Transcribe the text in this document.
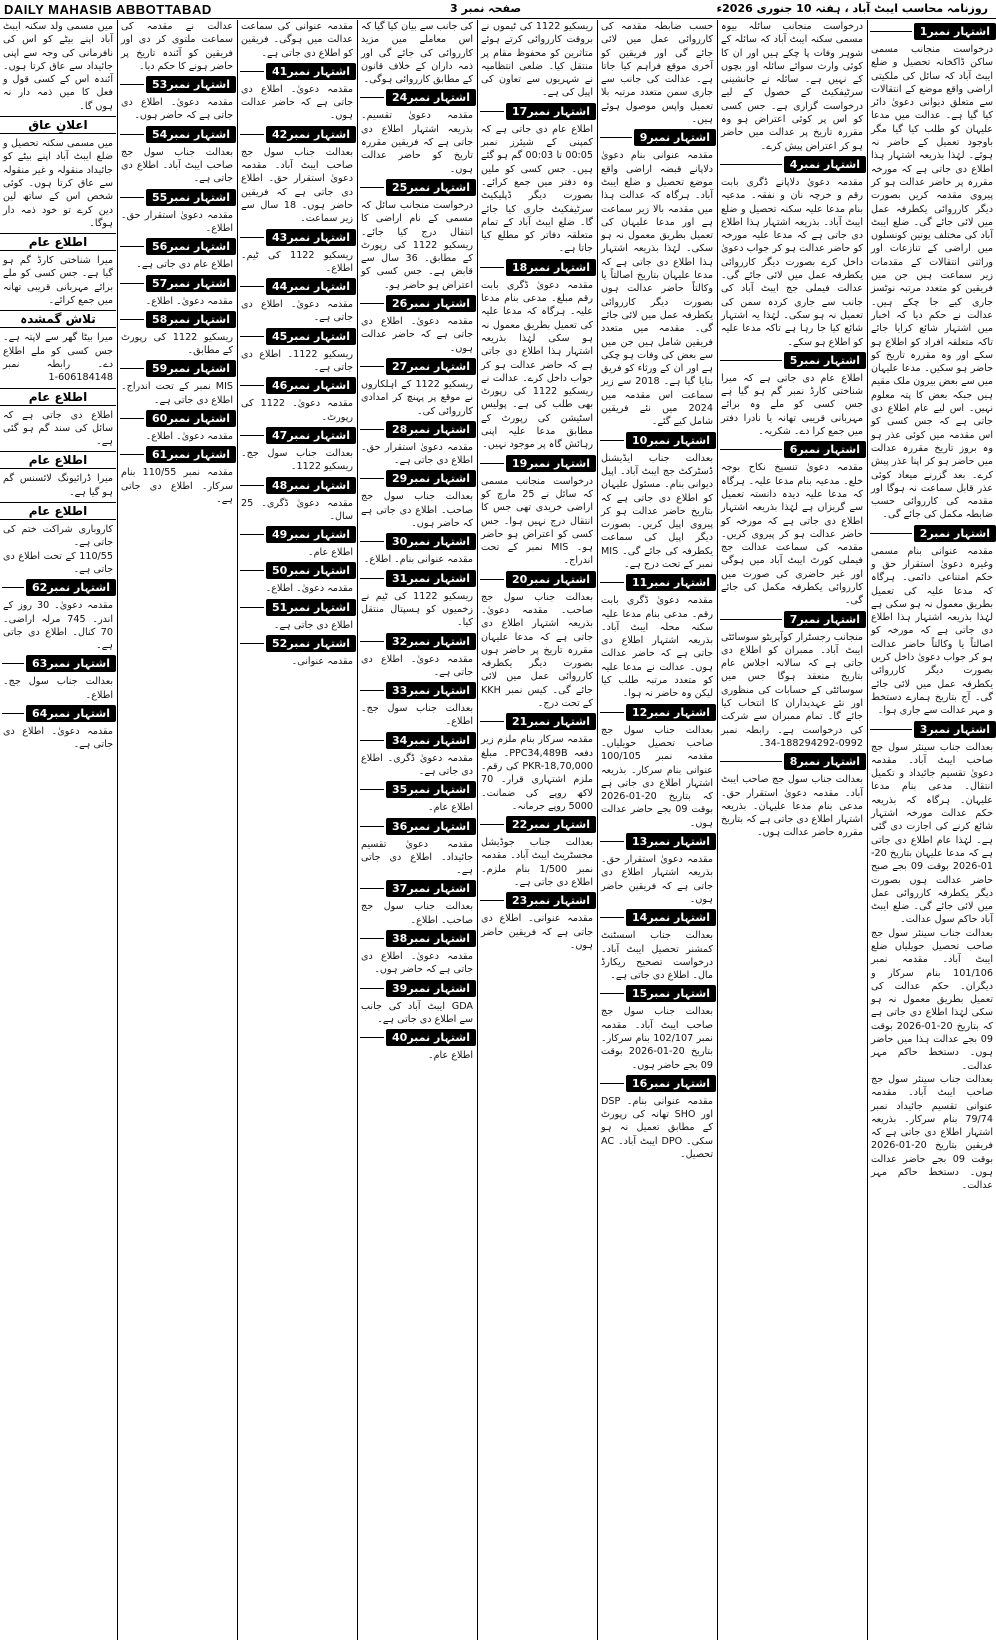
DAILY MAHASIB ABBOTTABAD	صفحہ نمبر 3	روزنامہ محاسب ایبٹ آباد ، ہفتہ 10 جنوری 2026ء
اشتہار نمبر1
درخواست منجانب مسمی ساکن ڈاکخانہ تحصیل و ضلع ایبٹ آباد کہ سائل کی ملکیتی اراضی واقع موضع کے انتقالات سے متعلق دیوانی دعویٰ دائر کیا گیا ہے۔ عدالت میں مدعا علیہان کو طلب کیا گیا مگر باوجود تعمیل کے حاضر نہ ہوئے۔ لہٰذا بذریعہ اشتہار ہذا اطلاع دی جاتی ہے کہ مورخہ مقررہ پر حاضر عدالت ہو کر پیروی مقدمہ کریں بصورت دیگر کارروائی یکطرفہ عمل میں لائی جائے گی۔ ضلع ایبٹ آباد کی مختلف یونین کونسلوں میں اراضی کے تنازعات اور وراثتی انتقالات کے مقدمات زیر سماعت ہیں جن میں فریقین کو متعدد مرتبہ نوٹسز جاری کیے جا چکے ہیں۔ عدالت نے حکم دیا کہ اخبار میں اشتہار شائع کرایا جائے تاکہ متعلقہ افراد کو اطلاع ہو سکے اور وہ مقررہ تاریخ کو حاضر ہو سکیں۔ مدعا علیہان میں سے بعض بیرون ملک مقیم ہیں جبکہ بعض کا پتہ معلوم نہیں۔ اس لیے عام اطلاع دی جاتی ہے کہ جس کسی کو اس مقدمہ میں کوئی عذر ہو وہ بروز تاریخ مقررہ عدالت میں حاضر ہو کر اپنا عذر پیش کرے۔ بعد گزرنے میعاد کوئی عذر قابل سماعت نہ ہوگا اور مقدمہ کی کارروائی حسب ضابطہ مکمل کی جائے گی۔
اشتہار نمبر2
مقدمہ عنوانی بنام مسمی وغیرہ دعویٰ استقرار حق و حکم امتناعی دائمی۔ ہرگاہ کہ مدعا علیہ کی تعمیل بطریق معمول نہ ہو سکی ہے لہٰذا بذریعہ اشتہار ہذا اطلاع دی جاتی ہے کہ مورخہ کو اصالتاً یا وکالتاً حاضر عدالت ہو کر جواب دعویٰ داخل کریں بصورت دیگر کارروائی یکطرفہ عمل میں لائی جائے گی۔ آج بتاریخ ہمارے دستخط و مہر عدالت سے جاری ہوا۔
اشتہار نمبر3
بعدالت جناب سینئر سول جج صاحب ایبٹ آباد۔ مقدمہ دعویٰ تقسیم جائیداد و تکمیل انتقال۔ مدعی بنام مدعا علیہان۔ ہرگاہ کہ بذریعہ حکم عدالت مورخہ اشتہار شائع کرنے کی اجازت دی گئی ہے۔ لہٰذا عام اطلاع دی جاتی ہے کہ مدعا علیہان بتاریخ 20-01-2026 بوقت 09 بجے صبح حاضر عدالت ہوں بصورت دیگر یکطرفہ کارروائی عمل میں لائی جائے گی۔ ضلع ایبٹ آباد حاکم سول عدالت۔
بعدالت جناب سینئر سول جج صاحب تحصیل حویلیاں ضلع ایبٹ آباد۔ مقدمہ نمبر 101/106 بنام سرکار و دیگران۔ حکم عدالت کی تعمیل بطریق معمول نہ ہو سکی لہٰذا اطلاع دی جاتی ہے کہ بتاریخ 20-01-2026 بوقت 09 بجے عدالت ہذا میں حاضر ہوں۔ دستخط حاکم مہر عدالت۔
بعدالت جناب سینئر سول جج صاحب ایبٹ آباد۔ مقدمہ عنوانی تقسیم جائیداد نمبر 79/74 بنام سرکار۔ بذریعہ اشتہار اطلاع دی جاتی ہے کہ فریقین بتاریخ 20-01-2026 بوقت 09 بجے حاضر عدالت ہوں۔ دستخط حاکم مہر عدالت۔
درخواست منجانب سائلہ بیوہ مسمی سکنہ ایبٹ آباد کہ سائلہ کے شوہر وفات پا چکے ہیں اور ان کا کوئی وارث سوائے سائلہ اور بچوں کے نہیں ہے۔ سائلہ نے جانشینی سرٹیفکیٹ کے حصول کے لیے درخواست گزاری ہے۔ جس کسی کو اس پر کوئی اعتراض ہو وہ مقررہ تاریخ پر عدالت میں حاضر ہو کر اعتراض پیش کرے۔
اشتہار نمبر4
مقدمہ دعویٰ دلاپانے ڈگری بابت رقم و خرچہ نان و نفقہ۔ مدعیہ بنام مدعا علیہ سکنہ تحصیل و ضلع ایبٹ آباد۔ بذریعہ اشتہار ہذا اطلاع دی جاتی ہے کہ مدعا علیہ مورخہ کو حاضر عدالت ہو کر جواب دعویٰ داخل کرے بصورت دیگر کارروائی یکطرفہ عمل میں لائی جائے گی۔ عدالت فیملی جج ایبٹ آباد کی جانب سے جاری کردہ سمن کی تعمیل نہ ہو سکی۔ لہٰذا یہ اشتہار شائع کیا جا رہا ہے تاکہ مدعا علیہ کو اطلاع ہو سکے۔
اشتہار نمبر5
اطلاع عام دی جاتی ہے کہ میرا شناختی کارڈ نمبر گم ہو گیا ہے جس کسی کو ملے وہ برائے مہربانی قریبی تھانہ یا نادرا دفتر میں جمع کرا دے۔ شکریہ۔
اشتہار نمبر6
مقدمہ دعویٰ تنسیخ نکاح بوجہ خلع۔ مدعیہ بنام مدعا علیہ۔ ہرگاہ کہ مدعا علیہ دیدہ دانستہ تعمیل سے گریزاں ہے لہٰذا بذریعہ اشتہار اطلاع دی جاتی ہے کہ مورخہ کو حاضر عدالت ہو کر پیروی کریں۔ مقدمہ کی سماعت عدالت جج فیملی کورٹ ایبٹ آباد میں ہوگی اور غیر حاضری کی صورت میں کارروائی یکطرفہ مکمل کی جائے گی۔
اشتہار نمبر7
منجانب رجسٹرار کوآپریٹو سوسائٹی ایبٹ آباد۔ ممبران کو اطلاع دی جاتی ہے کہ سالانہ اجلاس عام بتاریخ منعقد ہوگا جس میں سوسائٹی کے حسابات کی منظوری اور نئے عہدیداران کا انتخاب کیا جائے گا۔ تمام ممبران سے شرکت کی درخواست ہے۔ رابطہ نمبر 0992-188294292-34۔
اشتہار نمبر8
بعدالت جناب سول جج صاحب ایبٹ آباد۔ مقدمہ دعویٰ استقرار حق۔ مدعی بنام مدعا علیہان۔ بذریعہ اشتہار اطلاع دی جاتی ہے کہ بتاریخ مقررہ حاضر عدالت ہوں۔
حسب ضابطہ مقدمہ کی کارروائی عمل میں لائی جائے گی اور فریقین کو آخری موقع فراہم کیا جاتا ہے۔ عدالت کی جانب سے جاری سمن متعدد مرتبہ بلا تعمیل واپس موصول ہوئے ہیں۔
اشتہار نمبر9
مقدمہ عنوانی بنام دعویٰ دلاپانے قبضہ اراضی واقع موضع تحصیل و ضلع ایبٹ آباد۔ ہرگاہ کہ عدالت ہذا میں مقدمہ بالا زیر سماعت ہے اور مدعا علیہان کی تعمیل بطریق معمول نہ ہو سکی۔ لہٰذا بذریعہ اشتہار ہذا اطلاع دی جاتی ہے کہ مدعا علیہان بتاریخ اصالتاً یا وکالتاً حاضر عدالت ہوں بصورت دیگر کارروائی یکطرفہ عمل میں لائی جائے گی۔ مقدمہ میں متعدد فریقین شامل ہیں جن میں سے بعض کی وفات ہو چکی ہے اور ان کے ورثاء کو فریق بنایا گیا ہے۔ 2018 سے زیر سماعت اس مقدمہ میں 2024 میں نئے فریقین شامل کیے گئے۔
اشتہار نمبر10
بعدالت جناب ایڈیشنل ڈسٹرکٹ جج ایبٹ آباد۔ اپیل دیوانی بنام۔ مسئول علیہان کو اطلاع دی جاتی ہے کہ بتاریخ حاضر عدالت ہو کر پیروی اپیل کریں۔ بصورت دیگر اپیل کی سماعت یکطرفہ کی جائے گی۔ MIS نمبر کے تحت درج ہے۔
اشتہار نمبر11
مقدمہ دعویٰ ڈگری بابت رقم۔ مدعی بنام مدعا علیہ سکنہ محلہ ایبٹ آباد۔ بذریعہ اشتہار اطلاع دی جاتی ہے کہ حاضر عدالت ہوں۔ عدالت نے مدعا علیہ کو متعدد مرتبہ طلب کیا لیکن وہ حاضر نہ ہوا۔
اشتہار نمبر12
بعدالت جناب سول جج صاحب تحصیل حویلیاں۔ مقدمہ نمبر 100/105 عنوانی بنام سرکار۔ بذریعہ اشتہار اطلاع دی جاتی ہے کہ بتاریخ 20-01-2026 بوقت 09 بجے حاضر عدالت ہوں۔
اشتہار نمبر13
مقدمہ دعویٰ استقرار حق۔ بذریعہ اشتہار اطلاع دی جاتی ہے کہ فریقین حاضر ہوں۔
اشتہار نمبر14
بعدالت جناب اسسٹنٹ کمشنر تحصیل ایبٹ آباد۔ درخواست تصحیح ریکارڈ مال۔ اطلاع دی جاتی ہے۔
اشتہار نمبر15
بعدالت جناب سول جج صاحب ایبٹ آباد۔ مقدمہ نمبر 102/107 بنام سرکار۔ بتاریخ 20-01-2026 بوقت 09 بجے حاضر ہوں۔
اشتہار نمبر16
مقدمہ عنوانی بنام۔ DSP اور SHO تھانہ کی رپورٹ کے مطابق تعمیل نہ ہو سکی۔ DPO ایبٹ آباد۔ AC تحصیل۔
ریسکیو 1122 کی ٹیموں نے بروقت کارروائی کرتے ہوئے متاثرین کو محفوظ مقام پر منتقل کیا۔ ضلعی انتظامیہ نے شہریوں سے تعاون کی اپیل کی ہے۔
اشتہار نمبر17
اطلاع عام دی جاتی ہے کہ کمپنی کے شیئرز نمبر 00:05 تا 00:03 گم ہو گئے ہیں۔ جس کسی کو ملیں وہ دفتر میں جمع کرائے۔ بصورت دیگر ڈپلیکیٹ سرٹیفکیٹ جاری کیا جائے گا۔ ضلع ایبٹ آباد کے تمام متعلقہ دفاتر کو مطلع کیا جاتا ہے۔
اشتہار نمبر18
مقدمہ دعویٰ ڈگری بابت رقم مبلغ۔ مدعی بنام مدعا علیہ۔ ہرگاہ کہ مدعا علیہ کی تعمیل بطریق معمول نہ ہو سکی لہٰذا بذریعہ اشتہار ہذا اطلاع دی جاتی ہے کہ حاضر عدالت ہو کر جواب داخل کرے۔ عدالت نے ریسکیو 1122 کی رپورٹ بھی طلب کی ہے۔ پولیس اسٹیشن کی رپورٹ کے مطابق مدعا علیہ اپنی رہائش گاہ پر موجود نہیں۔
اشتہار نمبر19
درخواست منجانب مسمی کہ سائل نے 25 مارچ کو اراضی خریدی تھی جس کا انتقال درج نہیں ہوا۔ جس کسی کو اعتراض ہو حاضر ہو۔ MIS نمبر کے تحت اندراج۔
اشتہار نمبر20
بعدالت جناب سول جج صاحب۔ مقدمہ دعویٰ۔ بذریعہ اشتہار اطلاع دی جاتی ہے کہ مدعا علیہان مقررہ تاریخ پر حاضر ہوں بصورت دیگر یکطرفہ کارروائی عمل میں لائی جائے گی۔ کیس نمبر KKH کے تحت درج۔
اشتہار نمبر21
مقدمہ سرکار بنام ملزم زیر دفعہ PPC34,489B۔ مبلغ PKR-18,70,000 کی رقم۔ ملزم اشتہاری قرار۔ 70 لاکھ روپے کی ضمانت۔ 5000 روپے جرمانہ۔
اشتہار نمبر22
بعدالت جناب جوڈیشل مجسٹریٹ ایبٹ آباد۔ مقدمہ نمبر 1/500 بنام ملزم۔ اطلاع دی جاتی ہے۔
اشتہار نمبر23
مقدمہ عنوانی۔ اطلاع دی جاتی ہے کہ فریقین حاضر ہوں۔
کی جانب سے بیان کیا گیا کہ اس معاملے میں مزید کارروائی کی جائے گی اور ذمہ داران کے خلاف قانون کے مطابق کارروائی ہوگی۔
اشتہار نمبر24
مقدمہ دعویٰ تقسیم۔ بذریعہ اشتہار اطلاع دی جاتی ہے کہ فریقین مقررہ تاریخ کو حاضر عدالت ہوں۔
اشتہار نمبر25
درخواست منجانب سائل کہ مسمی کے نام اراضی کا انتقال درج کیا جائے۔ ریسکیو 1122 کی رپورٹ کے مطابق۔ 36 سال سے قابض ہے۔ جس کسی کو اعتراض ہو حاضر ہو۔
اشتہار نمبر26
مقدمہ دعویٰ۔ اطلاع دی جاتی ہے کہ حاضر عدالت ہوں۔
اشتہار نمبر27
ریسکیو 1122 کے اہلکاروں نے موقع پر پہنچ کر امدادی کارروائی کی۔
اشتہار نمبر28
مقدمہ دعویٰ استقرار حق۔ اطلاع دی جاتی ہے۔
اشتہار نمبر29
بعدالت جناب سول جج صاحب۔ اطلاع دی جاتی ہے کہ حاضر ہوں۔
اشتہار نمبر30
مقدمہ عنوانی بنام۔ اطلاع۔
اشتہار نمبر31
ریسکیو 1122 کی ٹیم نے زخمیوں کو ہسپتال منتقل کیا۔
اشتہار نمبر32
مقدمہ دعویٰ۔ اطلاع دی جاتی ہے۔
اشتہار نمبر33
بعدالت جناب سول جج۔ اطلاع۔
اشتہار نمبر34
مقدمہ دعویٰ ڈگری۔ اطلاع دی جاتی ہے۔
اشتہار نمبر35
اطلاع عام۔
اشتہار نمبر36
مقدمہ دعویٰ تقسیم جائیداد۔ اطلاع دی جاتی ہے۔
اشتہار نمبر37
بعدالت جناب سول جج صاحب۔ اطلاع۔
اشتہار نمبر38
مقدمہ دعویٰ۔ اطلاع دی جاتی ہے کہ حاضر ہوں۔
اشتہار نمبر39
GDA ایبٹ آباد کی جانب سے اطلاع دی جاتی ہے۔
اشتہار نمبر40
اطلاع عام۔
مقدمہ عنوانی کی سماعت عدالت میں ہوگی۔ فریقین کو اطلاع دی جاتی ہے۔
اشتہار نمبر41
مقدمہ دعویٰ۔ اطلاع دی جاتی ہے کہ حاضر عدالت ہوں۔
اشتہار نمبر42
بعدالت جناب سول جج صاحب ایبٹ آباد۔ مقدمہ دعویٰ استقرار حق۔ اطلاع دی جاتی ہے کہ فریقین حاضر ہوں۔ 18 سال سے زیر سماعت۔
اشتہار نمبر43
ریسکیو 1122 کی ٹیم۔ اطلاع۔
اشتہار نمبر44
مقدمہ دعویٰ۔ اطلاع دی جاتی ہے۔
اشتہار نمبر45
ریسکیو 1122۔ اطلاع دی جاتی ہے۔
اشتہار نمبر46
مقدمہ دعویٰ۔ 1122 کی رپورٹ۔
اشتہار نمبر47
بعدالت جناب سول جج۔ ریسکیو 1122۔
اشتہار نمبر48
مقدمہ دعویٰ ڈگری۔ 25 سال۔
اشتہار نمبر49
اطلاع عام۔
اشتہار نمبر50
مقدمہ دعویٰ۔ اطلاع۔
اشتہار نمبر51
اطلاع دی جاتی ہے۔
اشتہار نمبر52
مقدمہ عنوانی۔
عدالت نے مقدمہ کی سماعت ملتوی کر دی اور فریقین کو آئندہ تاریخ پر حاضر ہونے کا حکم دیا۔
اشتہار نمبر53
مقدمہ دعویٰ۔ اطلاع دی جاتی ہے کہ حاضر ہوں۔
اشتہار نمبر54
بعدالت جناب سول جج صاحب ایبٹ آباد۔ اطلاع دی جاتی ہے۔
اشتہار نمبر55
مقدمہ دعویٰ استقرار حق۔ اطلاع۔
اشتہار نمبر56
اطلاع عام دی جاتی ہے۔
اشتہار نمبر57
مقدمہ دعویٰ۔ اطلاع۔
اشتہار نمبر58
ریسکیو 1122 کی رپورٹ کے مطابق۔
اشتہار نمبر59
MIS نمبر کے تحت اندراج۔ اطلاع دی جاتی ہے۔
اشتہار نمبر60
مقدمہ دعویٰ۔ اطلاع۔
اشتہار نمبر61
مقدمہ نمبر 110/55 بنام سرکار۔ اطلاع دی جاتی ہے۔
میں مسمی ولد سکنہ ایبٹ آباد اپنے بیٹے کو اس کی نافرمانی کی وجہ سے اپنی جائیداد سے عاق کرتا ہوں۔ آئندہ اس کے کسی قول و فعل کا میں ذمہ دار نہ ہوں گا۔
اعلانِ عاق
میں مسمی سکنہ تحصیل و ضلع ایبٹ آباد اپنے بیٹے کو جائیداد منقولہ و غیر منقولہ سے عاق کرتا ہوں۔ کوئی شخص اس کے ساتھ لین دین کرے تو خود ذمہ دار ہوگا۔
اطلاع عام
میرا شناختی کارڈ گم ہو گیا ہے۔ جس کسی کو ملے برائے مہربانی قریبی تھانہ میں جمع کرائے۔
تلاش گمشدہ
میرا بیٹا گھر سے لاپتہ ہے۔ جس کسی کو ملے اطلاع دے۔ رابطہ نمبر 606184148-1
اطلاع عام
اطلاع دی جاتی ہے کہ سائل کی سند گم ہو گئی ہے۔
اطلاع عام
میرا ڈرائیونگ لائسنس گم ہو گیا ہے۔
اطلاع عام
کاروباری شراکت ختم کی جاتی ہے۔
110/55 کے تحت اطلاع دی جاتی ہے۔
اشتہار نمبر62
مقدمہ دعویٰ۔ 30 روز کے اندر۔ 745 مرلہ اراضی۔ 70 کنال۔ اطلاع دی جاتی ہے۔
اشتہار نمبر63
بعدالت جناب سول جج۔ اطلاع۔
اشتہار نمبر64
مقدمہ دعویٰ۔ اطلاع دی جاتی ہے۔
